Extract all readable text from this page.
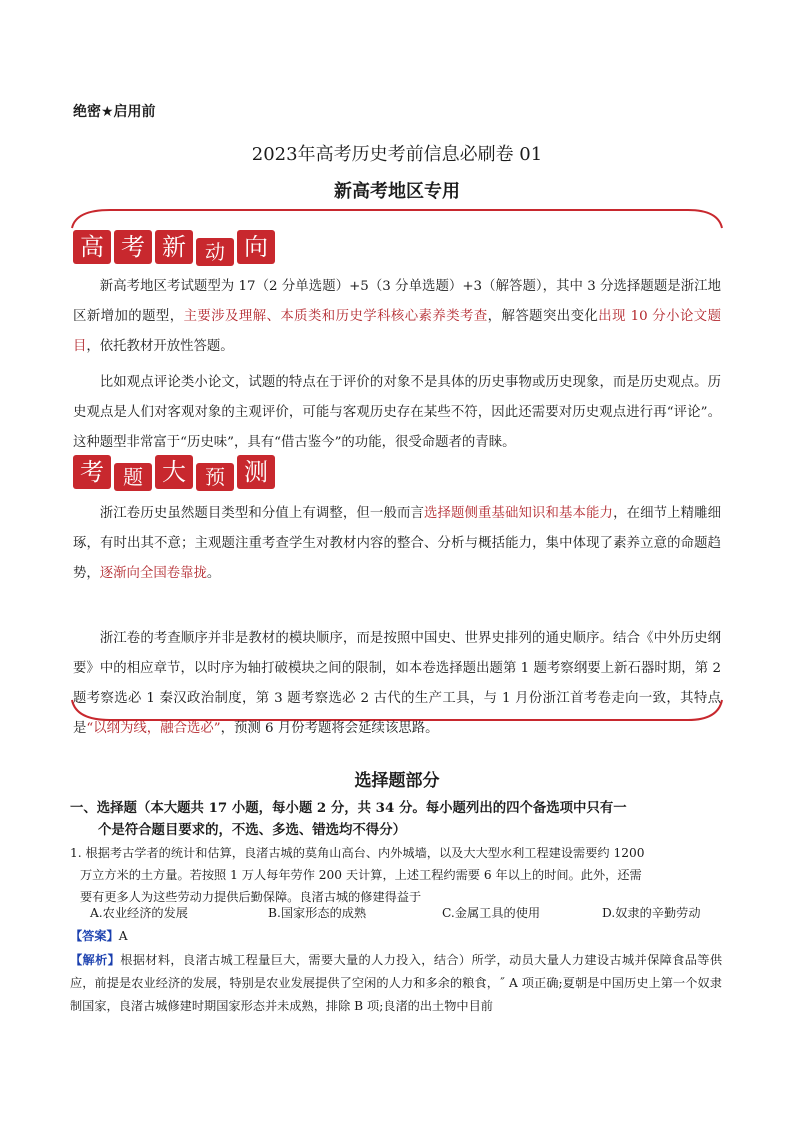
绝密★启用前
2023年高考历史考前信息必刷卷 01
新高考地区专用
高 考 新 动 向

新高考地区考试题型为 17（2 分单选题）+5（3 分单选题）+3（解答题），其中 3 分选择题题是浙江地区新增加的题型，主要涉及理解、本质类和历史学科核心素养类考查，解答题突出变化出现 10 分小论文题目，依托教材开放性答题。

比如观点评论类小论文，试题的特点在于评价的对象不是具体的历史事物或历史现象，而是历史观点。历史观点是人们对客观对象的主观评价，可能与客观历史存在某些不符，因此还需要对历史观点进行再“评论”。这种题型非常富于“历史味”，具有“借古鉴今”的功能，很受命题者的青睐。

考 题 大 预 测

浙江卷历史虽然题目类型和分值上有调整，但一般而言选择题侧重基础知识和基本能力，在细节上精雕细琢，有时出其不意；主观题注重考查学生对教材内容的整合、分析与概括能力，集中体现了素养立意的命题趋势，逐渐向全国卷靠拢。

浙江卷的考查顺序并非是教材的模块顺序，而是按照中国史、世界史排列的通史顺序。结合《中外历史纲要》中的相应章节，以时序为轴打破模块之间的限制，如本卷选择题出题第 1 题考察纲要上新石器时期，第 2 题考察选必 1 秦汉政治制度，第 3 题考察选必 2 古代的生产工具，与 1 月份浙江首考卷走向一致，其特点是“以纲为线，融合选必”，预测 6 月份考题将会延续该思路。

选择题部分

一、选择题（本大题共 17 小题，每小题 2 分，共 34 分。每小题列出的四个备选项中只有一
个是符合题目要求的，不选、多选、错选均不得分）

1. 根据考古学者的统计和估算，良渚古城的莫角山高台、内外城墙，以及大大型水利工程建设需要约 1200
万立方米的土方量。若按照 1 万人每年劳作 200 天计算，上述工程约需要 6 年以上的时间。此外，还需
要有更多人为这些劳动力提供后勤保障。良渚古城的修建得益于

A.农业经济的发展	B.国家形态的成熟	C.金属工具的使用	D.奴隶的辛勤劳动
【答案】A

【解析】根据材料，良渚古城工程量巨大，需要大量的人力投入，结合）所学，动员大量人力建设古城并保障食品等供应，前提是农业经济的发展，特别是农业发展提供了空闲的人力和多余的粮食，˝ A 项正确;夏朝是中国历史上第一个奴隶制国家，良渚古城修建时期国家形态并未成熟，排除 B 项;良渚的出土物中目前
